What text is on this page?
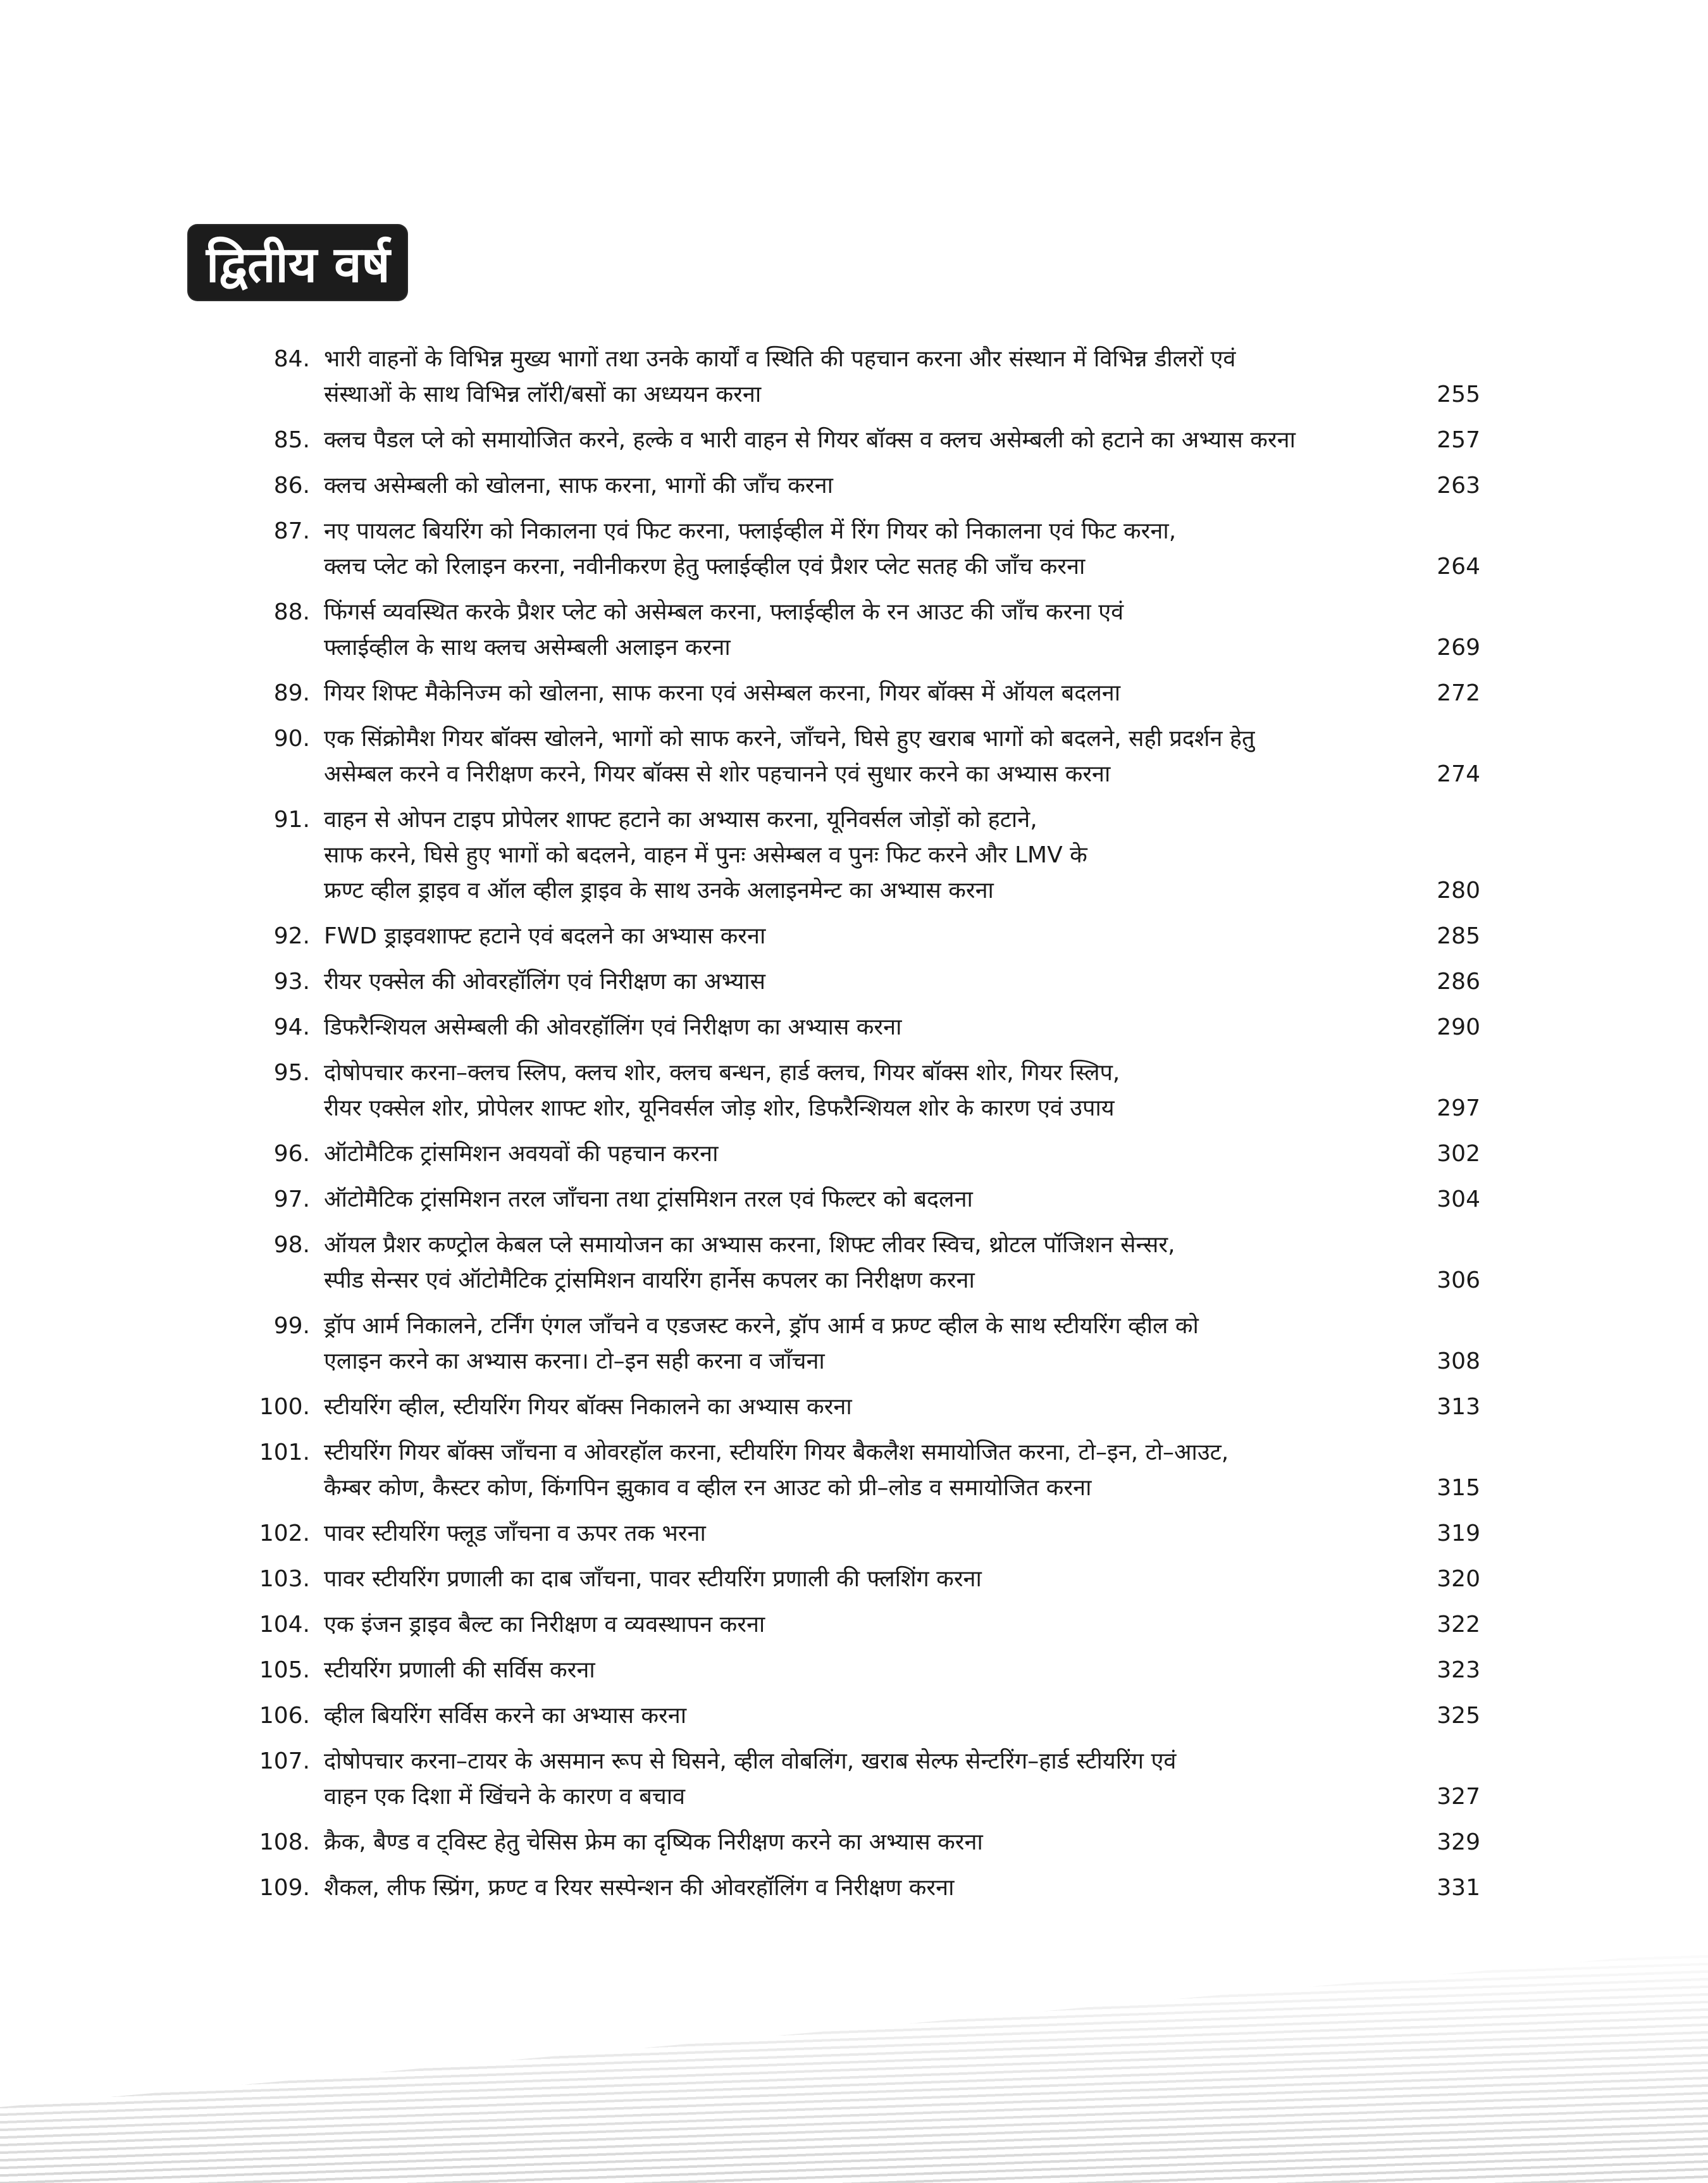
द्वितीय वर्ष
84. भारी वाहनों के विभिन्न मुख्य भागों तथा उनके कार्यों व स्थिति की पहचान करना और संस्थान में विभिन्न डीलरों एवं
संस्थाओं के साथ विभिन्न लॉरी/बसों का अध्ययन करना	255
85. क्लच पैडल प्ले को समायोजित करने, हल्के व भारी वाहन से गियर बॉक्स व क्लच असेम्बली को हटाने का अभ्यास करना	257
86. क्लच असेम्बली को खोलना, साफ करना, भागों की जाँच करना	263
87. नए पायलट बियरिंग को निकालना एवं फिट करना, फ्लाईव्हील में रिंग गियर को निकालना एवं फिट करना,
क्लच प्लेट को रिलाइन करना, नवीनीकरण हेतु फ्लाईव्हील एवं प्रैशर प्लेट सतह की जाँच करना	264
88. फिंगर्स व्यवस्थित करके प्रैशर प्लेट को असेम्बल करना, फ्लाईव्हील के रन आउट की जाँच करना एवं
फ्लाईव्हील के साथ क्लच असेम्बली अलाइन करना	269
89. गियर शिफ्ट मैकेनिज्म को खोलना, साफ करना एवं असेम्बल करना, गियर बॉक्स में ऑयल बदलना	272
90. एक सिंक्रोमैश गियर बॉक्स खोलने, भागों को साफ करने, जाँचने, घिसे हुए खराब भागों को बदलने, सही प्रदर्शन हेतु
असेम्बल करने व निरीक्षण करने, गियर बॉक्स से शोर पहचानने एवं सुधार करने का अभ्यास करना	274
91. वाहन से ओपन टाइप प्रोपेलर शाफ्ट हटाने का अभ्यास करना, यूनिवर्सल जोड़ों को हटाने,
साफ करने, घिसे हुए भागों को बदलने, वाहन में पुनः असेम्बल व पुनः फिट करने और LMV के
फ्रण्ट व्हील ड्राइव व ऑल व्हील ड्राइव के साथ उनके अलाइनमेन्ट का अभ्यास करना	280
92. FWD ड्राइवशाफ्ट हटाने एवं बदलने का अभ्यास करना	285
93. रीयर एक्सेल की ओवरहॉलिंग एवं निरीक्षण का अभ्यास	286
94. डिफरैन्शियल असेम्बली की ओवरहॉलिंग एवं निरीक्षण का अभ्यास करना	290
95. दोषोपचार करना–क्लच स्लिप, क्लच शोर, क्लच बन्धन, हार्ड क्लच, गियर बॉक्स शोर, गियर स्लिप,
रीयर एक्सेल शोर, प्रोपेलर शाफ्ट शोर, यूनिवर्सल जोड़ शोर, डिफरैन्शियल शोर के कारण एवं उपाय	297
96. ऑटोमैटिक ट्रांसमिशन अवयवों की पहचान करना	302
97. ऑटोमैटिक ट्रांसमिशन तरल जाँचना तथा ट्रांसमिशन तरल एवं फिल्टर को बदलना	304
98. ऑयल प्रैशर कण्ट्रोल केबल प्ले समायोजन का अभ्यास करना, शिफ्ट लीवर स्विच, थ्रोटल पॉजिशन सेन्सर,
स्पीड सेन्सर एवं ऑटोमैटिक ट्रांसमिशन वायरिंग हार्नेस कपलर का निरीक्षण करना	306
99. ड्रॉप आर्म निकालने, टर्निंग एंगल जाँचने व एडजस्ट करने, ड्रॉप आर्म व फ्रण्ट व्हील के साथ स्टीयरिंग व्हील को
एलाइन करने का अभ्यास करना। टो–इन सही करना व जाँचना	308
100. स्टीयरिंग व्हील, स्टीयरिंग गियर बॉक्स निकालने का अभ्यास करना	313
101. स्टीयरिंग गियर बॉक्स जाँचना व ओवरहॉल करना, स्टीयरिंग गियर बैकलैश समायोजित करना, टो–इन, टो–आउट,
कैम्बर कोण, कैस्टर कोण, किंगपिन झुकाव व व्हील रन आउट को प्री–लोड व समायोजित करना	315
102. पावर स्टीयरिंग फ्लूड जाँचना व ऊपर तक भरना	319
103. पावर स्टीयरिंग प्रणाली का दाब जाँचना, पावर स्टीयरिंग प्रणाली की फ्लशिंग करना	320
104. एक इंजन ड्राइव बैल्ट का निरीक्षण व व्यवस्थापन करना	322
105. स्टीयरिंग प्रणाली की सर्विस करना	323
106. व्हील बियरिंग सर्विस करने का अभ्यास करना	325
107. दोषोपचार करना–टायर के असमान रूप से घिसने, व्हील वोबलिंग, खराब सेल्फ सेन्टरिंग–हार्ड स्टीयरिंग एवं
वाहन एक दिशा में खिंचने के कारण व बचाव	327
108. क्रैक, बैण्ड व ट्विस्ट हेतु चेसिस फ्रेम का दृष्यिक निरीक्षण करने का अभ्यास करना	329
109. शैकल, लीफ स्प्रिंग, फ्रण्ट व रियर सस्पेन्शन की ओवरहॉलिंग व निरीक्षण करना	331
